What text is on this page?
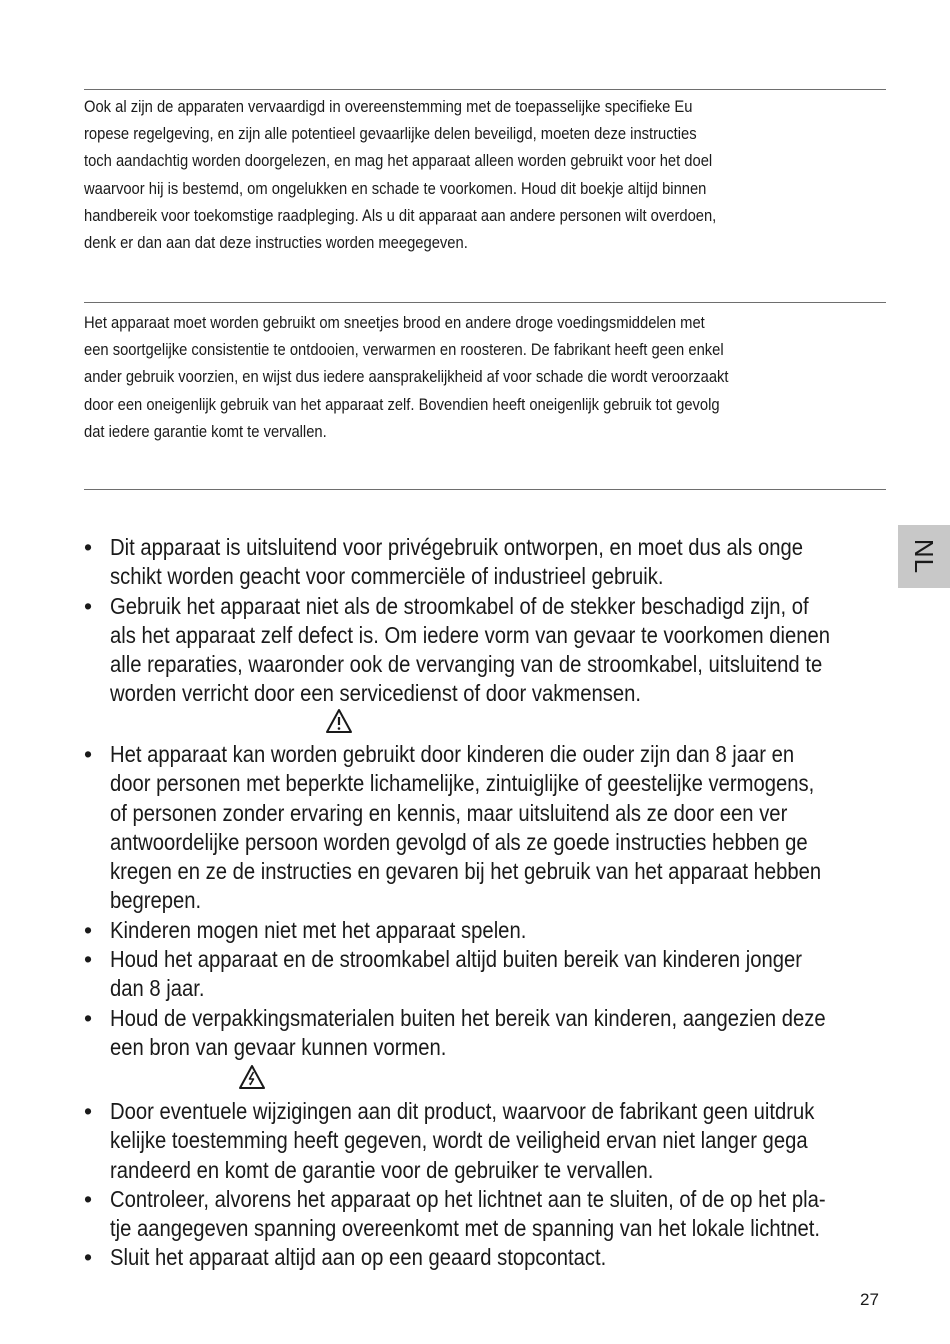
Ook al zijn de apparaten vervaardigd in overeenstemming met de toepasselijke specifieke Eu
ropese regelgeving, en zijn alle potentieel gevaarlijke delen beveiligd, moeten deze instructies
toch aandachtig worden doorgelezen, en mag het apparaat alleen worden gebruikt voor het doel
waarvoor hij is bestemd, om ongelukken en schade te voorkomen. Houd dit boekje altijd binnen
handbereik voor toekomstige raadpleging. Als u dit apparaat aan andere personen wilt overdoen,
denk er dan aan dat deze instructies worden meegegeven.
Het apparaat moet worden gebruikt om sneetjes brood en andere droge voedingsmiddelen met
een soortgelijke consistentie te ontdooien, verwarmen en roosteren. De fabrikant heeft geen enkel
ander gebruik voorzien, en wijst dus iedere aansprakelijkheid af voor schade die wordt veroorzaakt
door een oneigenlijk gebruik van het apparaat zelf. Bovendien heeft oneigenlijk gebruik tot gevolg
dat iedere garantie komt te vervallen.
• Dit apparaat is uitsluitend voor privégebruik ontworpen, en moet dus als onge
schikt worden geacht voor commerciële of industrieel gebruik.
• Gebruik het apparaat niet als de stroomkabel of de stekker beschadigd zijn, of
als het apparaat zelf defect is. Om iedere vorm van gevaar te voorkomen dienen
alle reparaties, waaronder ook de vervanging van de stroomkabel, uitsluitend te
worden verricht door een servicedienst of door vakmensen.
• Het apparaat kan worden gebruikt door kinderen die ouder zijn dan 8 jaar en
door personen met beperkte lichamelijke, zintuiglijke of geestelijke vermogens,
of personen zonder ervaring en kennis, maar uitsluitend als ze door een ver
antwoordelijke persoon worden gevolgd of als ze goede instructies hebben ge
kregen en ze de instructies en gevaren bij het gebruik van het apparaat hebben
begrepen.
• Kinderen mogen niet met het apparaat spelen.
• Houd het apparaat en de stroomkabel altijd buiten bereik van kinderen jonger
dan 8 jaar.
• Houd de verpakkingsmaterialen buiten het bereik van kinderen, aangezien deze
een bron van gevaar kunnen vormen.
• Door eventuele wijzigingen aan dit product, waarvoor de fabrikant geen uitdruk
kelijke toestemming heeft gegeven, wordt de veiligheid ervan niet langer gega
randeerd en komt de garantie voor de gebruiker te vervallen.
• Controleer, alvorens het apparaat op het lichtnet aan te sluiten, of de op het pla-
tje aangegeven spanning overeenkomt met de spanning van het lokale lichtnet.
• Sluit het apparaat altijd aan op een geaard stopcontact.
NL
27
